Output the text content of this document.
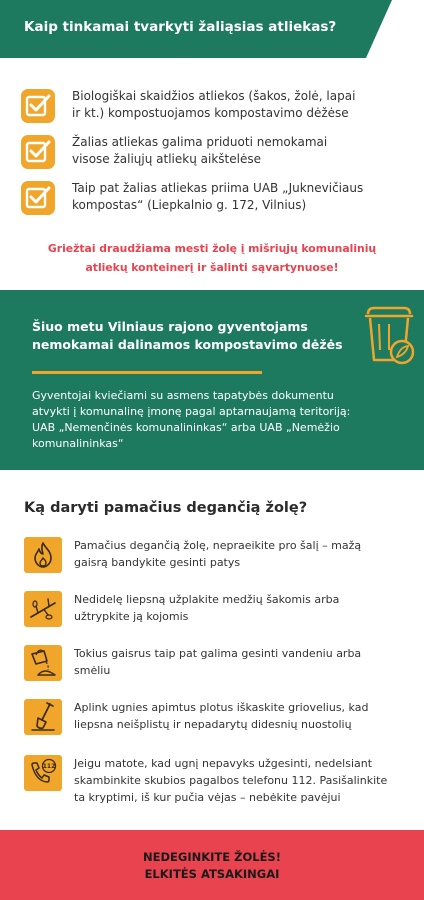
Kaip tinkamai tvarkyti žaliąsias atliekas?
Biologiškai skaidžios atliekos (šakos, žolė, lapai
ir kt.) kompostuojamos kompostavimo dėžėse
Žalias atliekas galima priduoti nemokamai
visose žaliųjų atliekų aikštelėse
Taip pat žalias atliekas priima UAB „Juknevičiaus
kompostas“ (Liepkalnio g. 172, Vilnius)
Griežtai draudžiama mesti žolę į mišriųjų komunalinių
atliekų konteinerį ir šalinti sąvartynuose!
Šiuo metu Vilniaus rajono gyventojams
nemokamai dalinamos kompostavimo dėžės
Gyventojai kviečiami su asmens tapatybės dokumentu
atvykti į komunalinę įmonę pagal aptarnaujamą teritoriją:
UAB „Nemenčinės komunalininkas“ arba UAB „Nemėžio
komunalininkas“
Ką daryti pamačius degančią žolę?
Pamačius degančią žolę, nepraeikite pro šalį – mažą
gaisrą bandykite gesinti patys
Nedidelę liepsną užplakite medžių šakomis arba
užtrypkite ją kojomis
Tokius gaisrus taip pat galima gesinti vandeniu arba
smėliu
Aplink ugnies apimtus plotus iškaskite griovelius, kad
liepsna neišplistų ir nepadarytų didesnių nuostolių
112 Jeigu matote, kad ugnį nepavyks užgesinti, nedelsiant
skambinkite skubios pagalbos telefonu 112. Pasišalinkite
ta kryptimi, iš kur pučia vėjas – nebėkite pavėjui
NEDEGINKITE ŽOLĖS!
ELKITĖS ATSAKINGAI
